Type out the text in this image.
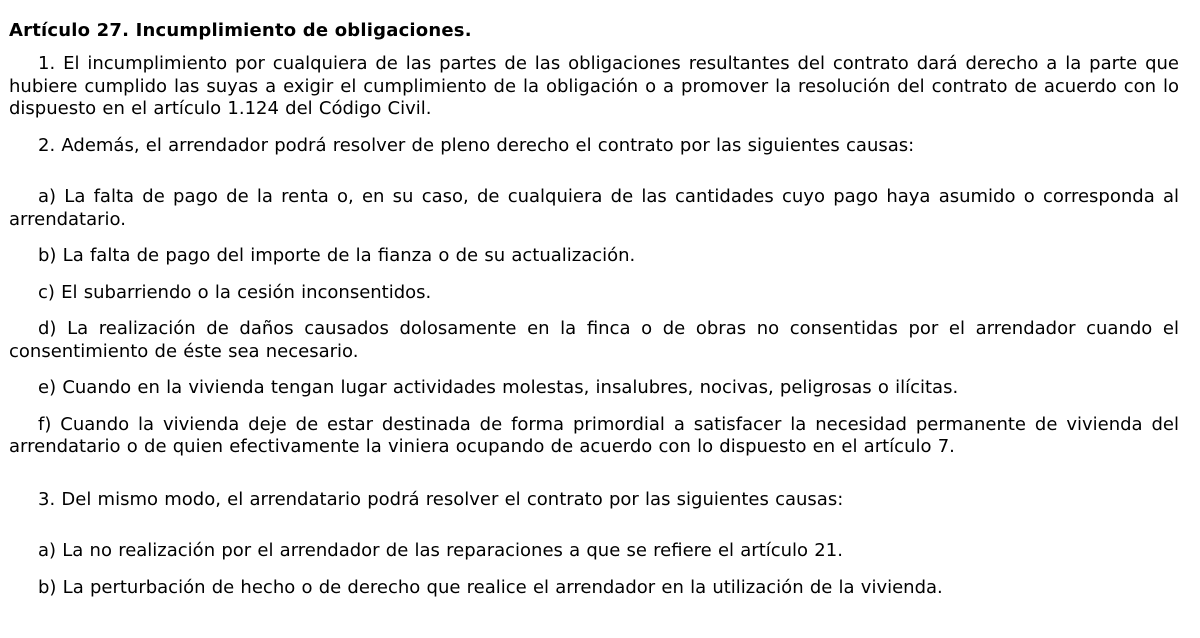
Artículo 27. Incumplimiento de obligaciones.

1. El incumplimiento por cualquiera de las partes de las obligaciones resultantes del contrato dará derecho a la parte que hubiere cumplido las suyas a exigir el cumplimiento de la obligación o a promover la resolución del contrato de acuerdo con lo dispuesto en el artículo 1.124 del Código Civil.

2. Además, el arrendador podrá resolver de pleno derecho el contrato por las siguientes causas:

a) La falta de pago de la renta o, en su caso, de cualquiera de las cantidades cuyo pago haya asumido o corresponda al arrendatario.

b) La falta de pago del importe de la fianza o de su actualización.

c) El subarriendo o la cesión inconsentidos.

d) La realización de daños causados dolosamente en la finca o de obras no consentidas por el arrendador cuando el consentimiento de éste sea necesario.

e) Cuando en la vivienda tengan lugar actividades molestas, insalubres, nocivas, peligrosas o ilícitas.

f) Cuando la vivienda deje de estar destinada de forma primordial a satisfacer la necesidad permanente de vivienda del arrendatario o de quien efectivamente la viniera ocupando de acuerdo con lo dispuesto en el artículo 7.

3. Del mismo modo, el arrendatario podrá resolver el contrato por las siguientes causas:

a) La no realización por el arrendador de las reparaciones a que se refiere el artículo 21.

b) La perturbación de hecho o de derecho que realice el arrendador en la utilización de la vivienda.
